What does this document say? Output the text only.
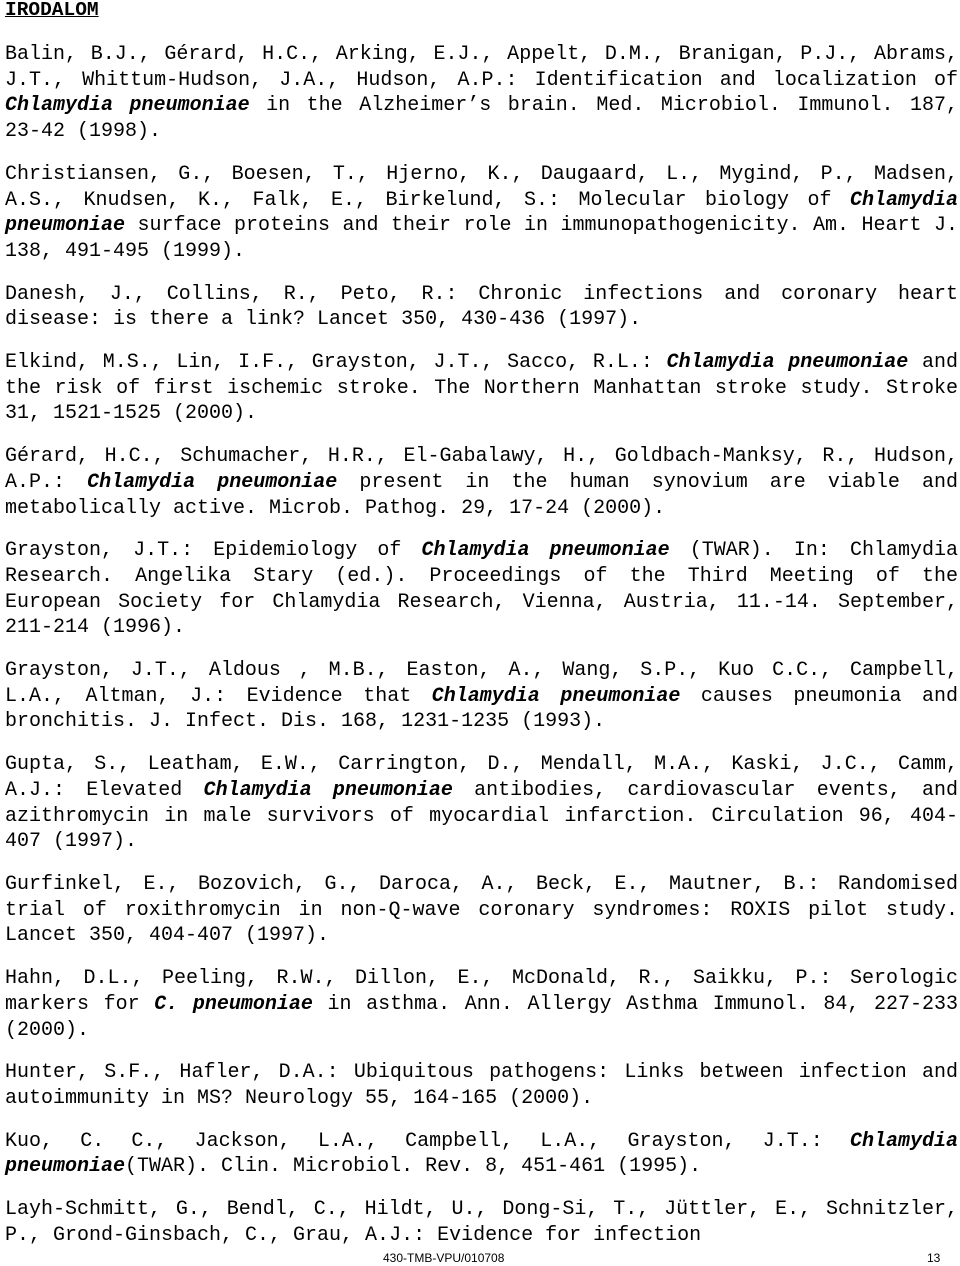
IRODALOM
Balin, B.J., Gérard, H.C., Arking, E.J., Appelt, D.M., Branigan, P.J., Abrams, J.T., Whittum-Hudson, J.A., Hudson, A.P.: Identification and localization of Chlamydia pneumoniae in the Alzheimer’s brain. Med. Microbiol. Immunol. 187, 23-42 (1998).
Christiansen, G., Boesen, T., Hjerno, K., Daugaard, L., Mygind, P., Madsen, A.S., Knudsen, K., Falk, E., Birkelund, S.: Molecular biology of Chlamydia pneumoniae surface proteins and their role in immunopathogenicity. Am. Heart J. 138, 491-495 (1999).
Danesh, J., Collins, R., Peto, R.: Chronic infections and coronary heart disease: is there a link? Lancet 350, 430-436 (1997).
Elkind, M.S., Lin, I.F., Grayston, J.T., Sacco, R.L.: Chlamydia pneumoniae and the risk of first ischemic stroke. The Northern Manhattan stroke study. Stroke 31, 1521-1525 (2000).
Gérard, H.C., Schumacher, H.R., El-Gabalawy, H., Goldbach-Manksy, R., Hudson, A.P.: Chlamydia pneumoniae present in the human synovium are viable and metabolically active. Microb. Pathog. 29, 17-24 (2000).
Grayston, J.T.: Epidemiology of Chlamydia pneumoniae (TWAR). In: Chlamydia Research. Angelika Stary (ed.). Proceedings of the Third Meeting of the European Society for Chlamydia Research, Vienna, Austria, 11.-14. September, 211-214 (1996).
Grayston, J.T., Aldous , M.B., Easton, A., Wang, S.P., Kuo C.C., Campbell, L.A., Altman, J.: Evidence that Chlamydia pneumoniae causes pneumonia and bronchitis. J. Infect. Dis. 168, 1231-1235 (1993).
Gupta, S., Leatham, E.W., Carrington, D., Mendall, M.A., Kaski, J.C., Camm, A.J.: Elevated Chlamydia pneumoniae antibodies, cardiovascular events, and azithromycin in male survivors of myocardial infarction. Circulation 96, 404-407 (1997).
Gurfinkel, E., Bozovich, G., Daroca, A., Beck, E., Mautner, B.: Randomised trial of roxithromycin in non-Q-wave coronary syndromes: ROXIS pilot study. Lancet 350, 404-407 (1997).
Hahn, D.L., Peeling, R.W., Dillon, E., McDonald, R., Saikku, P.: Serologic markers for C. pneumoniae in asthma. Ann. Allergy Asthma Immunol. 84, 227-233 (2000).
Hunter, S.F., Hafler, D.A.: Ubiquitous pathogens: Links between infection and autoimmunity in MS? Neurology 55, 164-165 (2000).
Kuo, C. C., Jackson, L.A., Campbell, L.A., Grayston, J.T.: Chlamydia pneumoniae(TWAR). Clin. Microbiol. Rev. 8, 451-461 (1995).
Layh-Schmitt, G., Bendl, C., Hildt, U., Dong-Si, T., Jüttler, E., Schnitzler, P., Grond-Ginsbach, C., Grau, A.J.: Evidence for infection
430-TMB-VPU/010708	13
